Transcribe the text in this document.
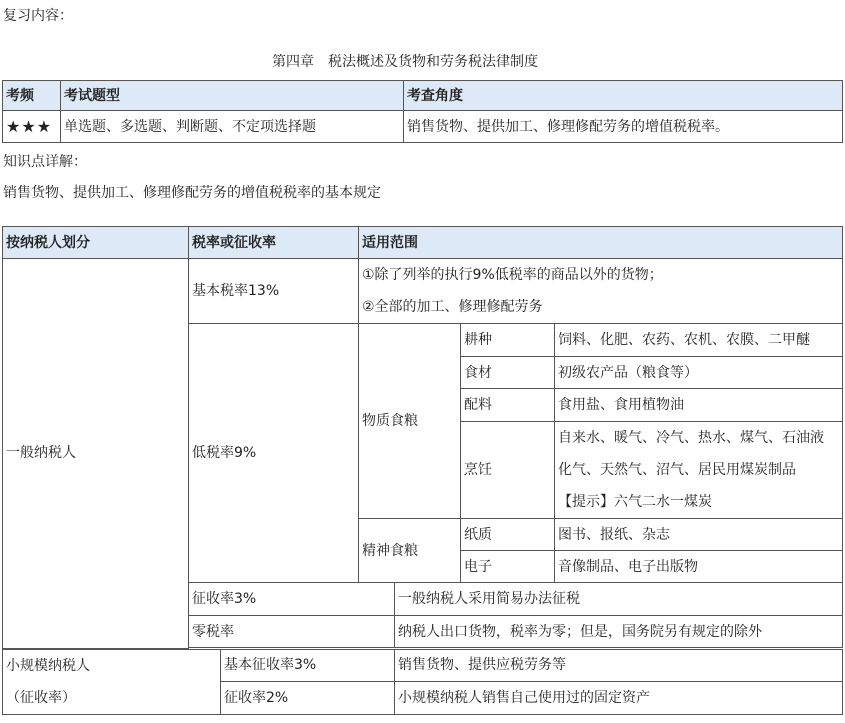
复习内容：
第四章　税法概述及货物和劳务税法律制度
考频	考试题型	考查角度
★★★	单选题、多选题、判断题、不定项选择题	销售货物、提供加工、修理修配劳务的增值税税率。
知识点详解：
销售货物、提供加工、修理修配劳务的增值税税率的基本规定
按纳税人划分	税率或征收率		适用范围			
一般纳税人	基本税率13%		①除了列举的执行9%低税率的商品以外的货物；
②全部的加工、修理修配劳务			

	低税率9%		物质食粮		耕种	饲料、化肥、农药、农机、农膜、二甲醚
					食材	初级农产品（粮食等）
					配料	食用盐、食用植物油
					烹饪	自来水、暖气、冷气、热水、煤气、石油液
化气、天然气、沼气、居民用煤炭制品
【提示】六气二水一煤炭

			精神食粮		纸质	图书、报纸、杂志
					电子	音像制品、电子出版物
	征收率3%			一般纳税人采用简易办法征税		
	零税率			纳税人出口货物，税率为零；但是，国务院另有规定的除外		

小规模纳税人
（征收率）		基本征收率3%		销售货物、提供应税劳务等		
		征收率2%		小规模纳税人销售自己使用过的固定资产		
